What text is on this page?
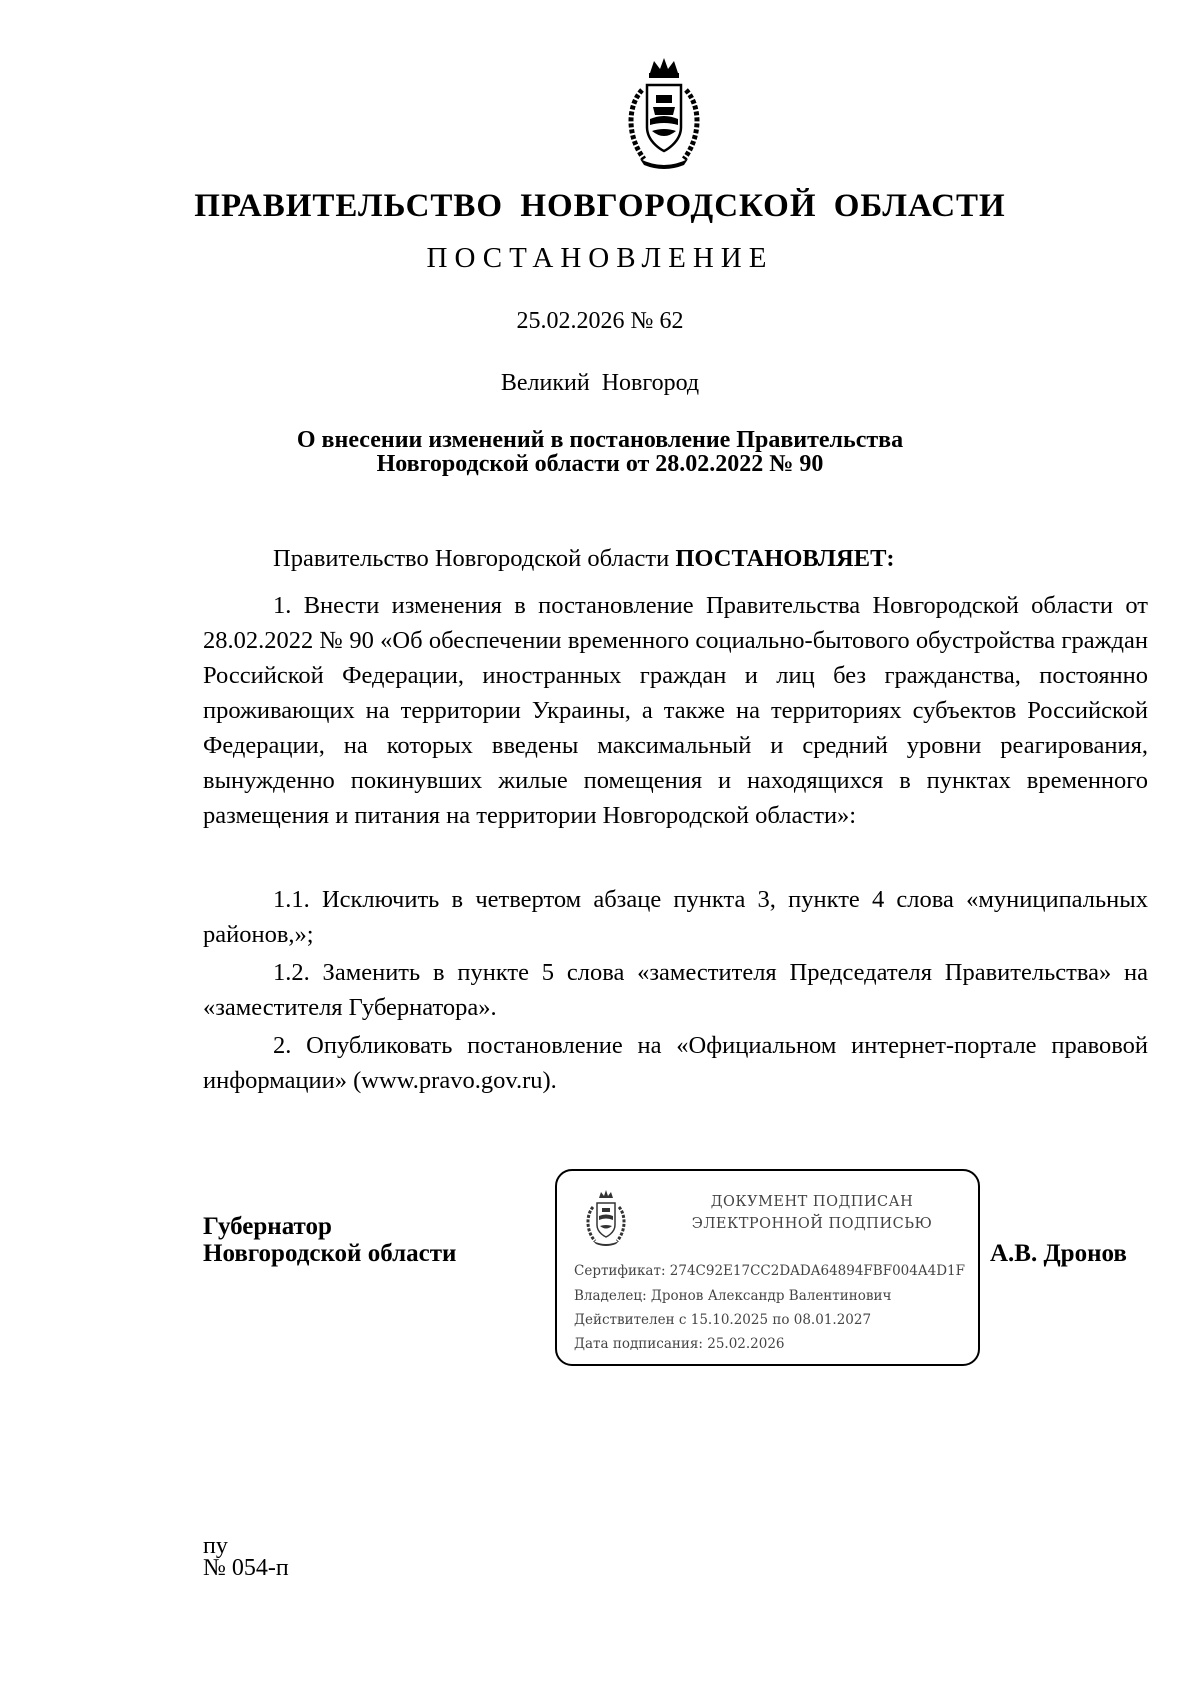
ПРАВИТЕЛЬСТВО НОВГОРОДСКОЙ ОБЛАСТИ
ПОСТАНОВЛЕНИЕ
25.02.2026 № 62
Великий Новгород
О внесении изменений в постановление Правительства
Новгородской области от 28.02.2022 № 90
Правительство Новгородской области ПОСТАНОВЛЯЕТ:
1. Внести изменения в постановление Правительства Новгородской области от 28.02.2022 № 90 «Об обеспечении временного социально-бытового обустройства граждан Российской Федерации, иностранных граждан и лиц без гражданства, постоянно проживающих на территории Украины, а также на территориях субъектов Российской Федерации, на которых введены максимальный и средний уровни реагирования, вынужденно покинувших жилые помещения и находящихся в пунктах временного размещения и питания на территории Новгородской области»:
1.1. Исключить в четвертом абзаце пункта 3, пункте 4 слова «муниципальных районов,»;
1.2. Заменить в пункте 5 слова «заместителя Председателя Правительства» на «заместителя Губернатора».
2. Опубликовать постановление на «Официальном интернет-портале правовой информации» (www.pravo.gov.ru).
Губернатор
Новгородской области
ДОКУМЕНТ ПОДПИСАН
ЭЛЕКТРОННОЙ ПОДПИСЬЮ
Сертификат: 274C92E17CC2DADA64894FBF004A4D1F
Владелец: Дронов Александр Валентинович
Действителен с 15.10.2025 по 08.01.2027
Дата подписания: 25.02.2026
А.В. Дронов
пу
№ 054-п
